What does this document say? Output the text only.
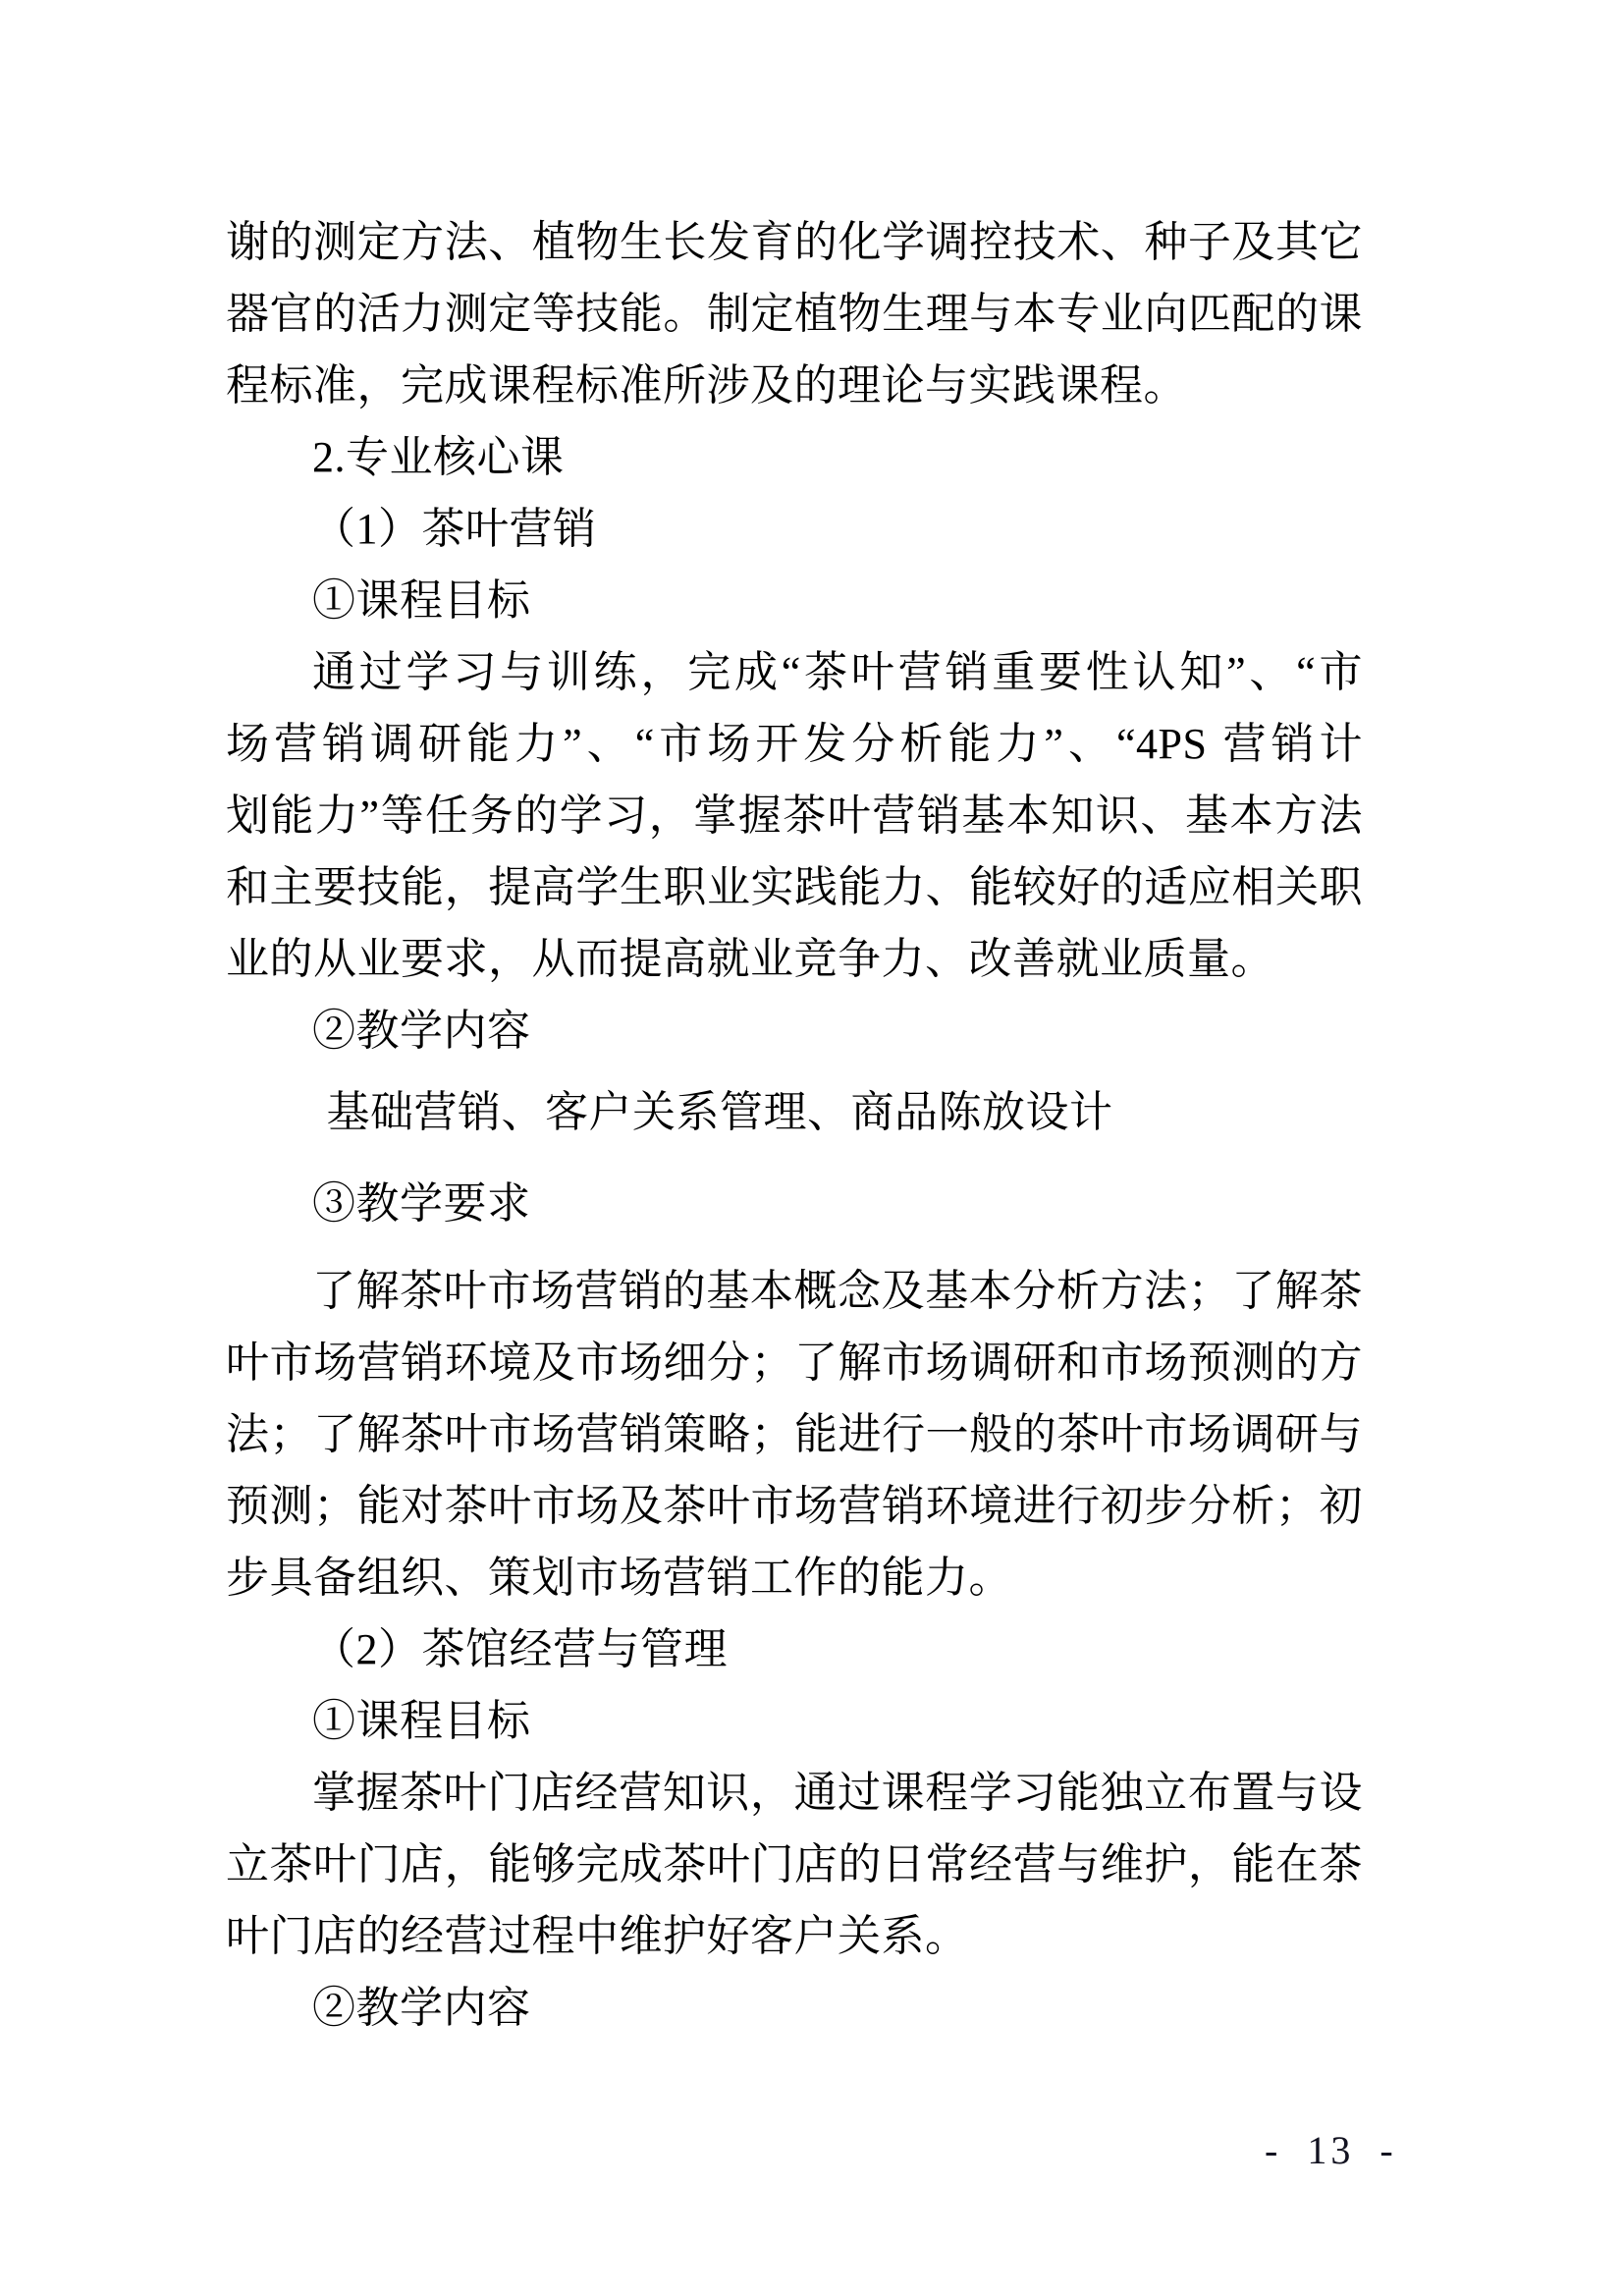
谢的测定方法、植物生长发育的化学调控技术、种子及其它
器官的活力测定等技能。制定植物生理与本专业向匹配的课
程标准，完成课程标准所涉及的理论与实践课程。
2.专业核心课
（1）茶叶营销
①课程目标
通过学习与训练，完成“茶叶营销重要性认知”、“市
场营销调研能力”、“市场开发分析能力”、“4PS 营销计
划能力”等任务的学习，掌握茶叶营销基本知识、基本方法
和主要技能，提高学生职业实践能力、能较好的适应相关职
业的从业要求，从而提高就业竞争力、改善就业质量。
②教学内容
基础营销、客户关系管理、商品陈放设计
③教学要求
了解茶叶市场营销的基本概念及基本分析方法；了解茶
叶市场营销环境及市场细分；了解市场调研和市场预测的方
法；了解茶叶市场营销策略；能进行一般的茶叶市场调研与
预测；能对茶叶市场及茶叶市场营销环境进行初步分析；初
步具备组织、策划市场营销工作的能力。
（2）茶馆经营与管理
①课程目标
掌握茶叶门店经营知识，通过课程学习能独立布置与设
立茶叶门店，能够完成茶叶门店的日常经营与维护，能在茶
叶门店的经营过程中维护好客户关系。
②教学内容
- 13 -
